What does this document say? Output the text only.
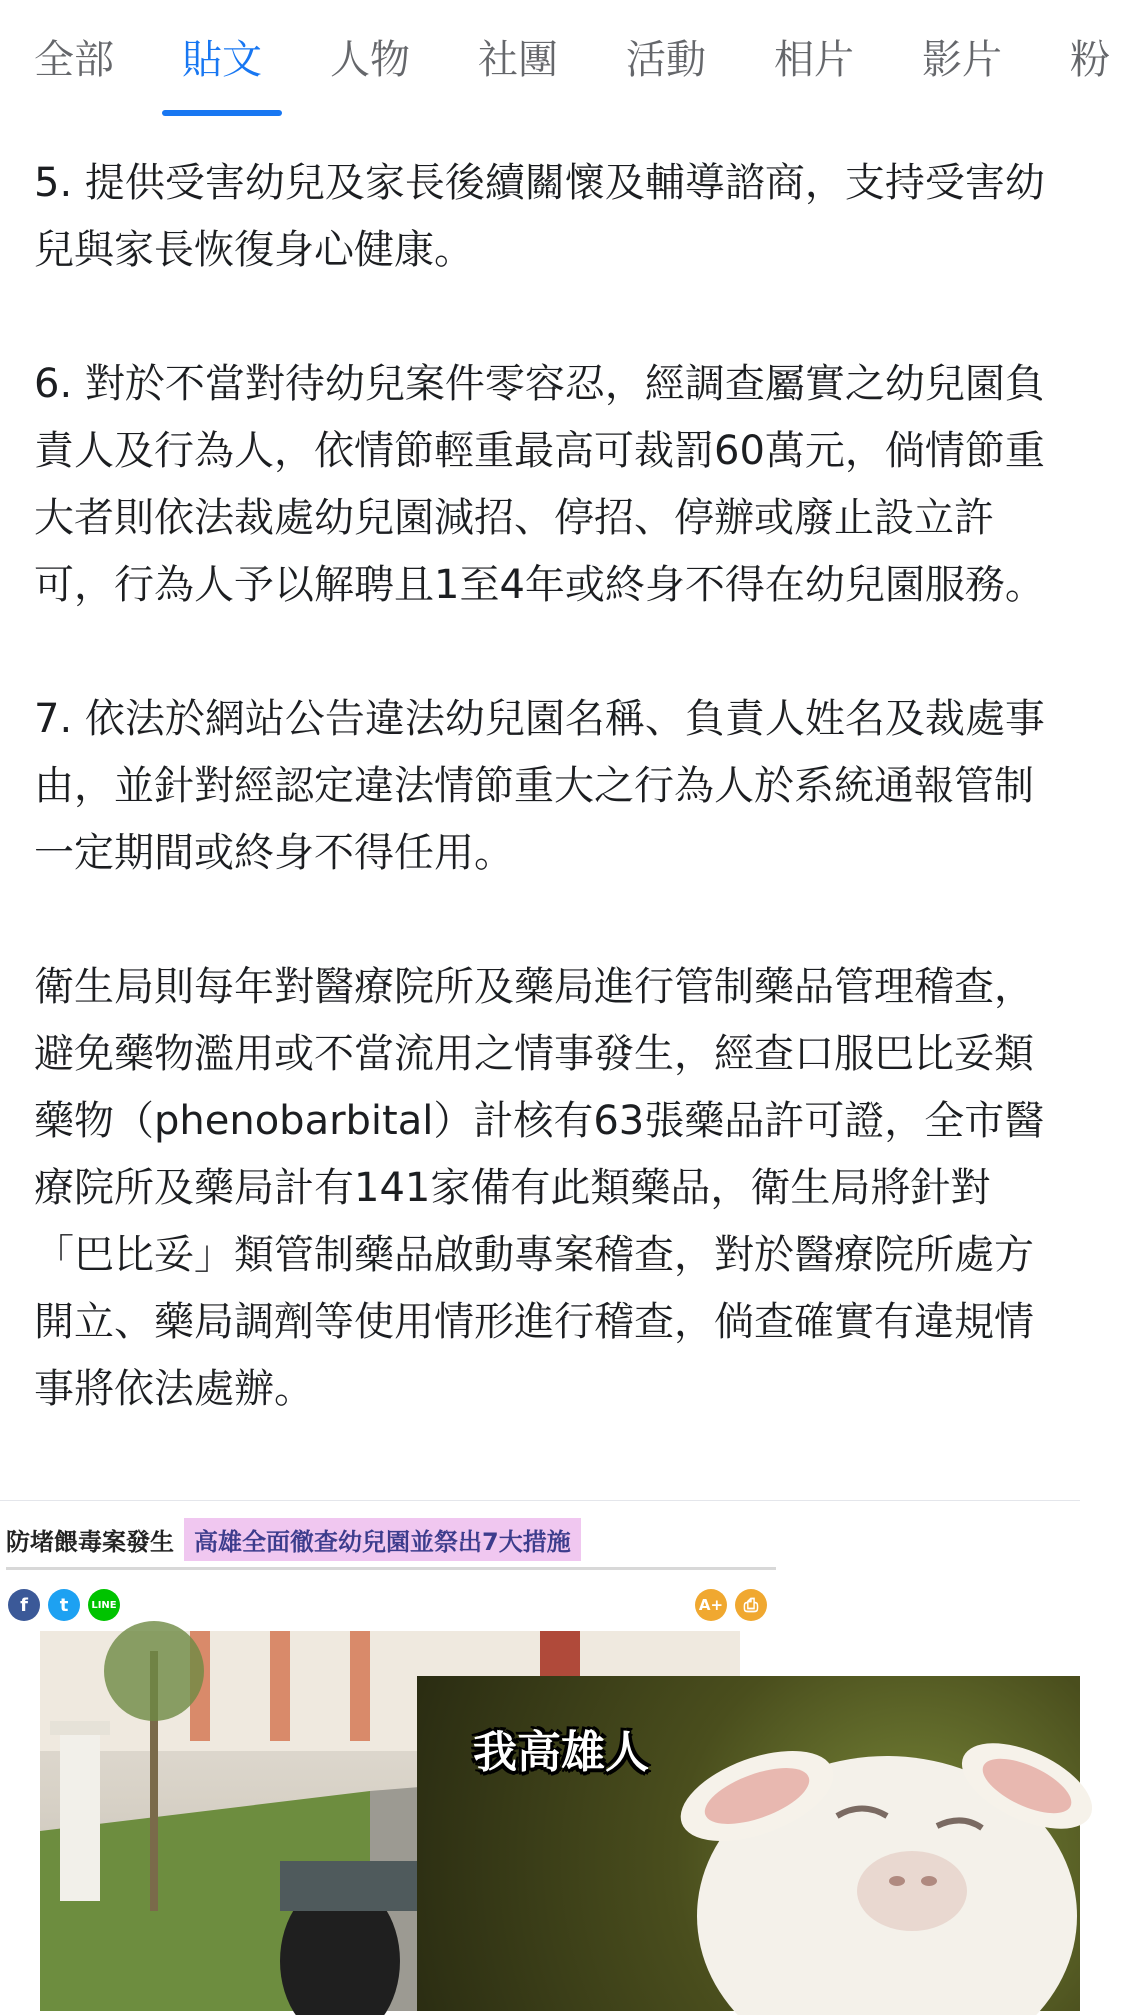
全部	貼文	人物	社團	活動	相片	影片	粉

5. 提供受害幼兒及家長後續關懷及輔導諮商，支持受害幼兒與家長恢復身心健康。

6. 對於不當對待幼兒案件零容忍，經調查屬實之幼兒園負責人及行為人，依情節輕重最高可裁罰60萬元，倘情節重大者則依法裁處幼兒園減招、停招、停辦或廢止設立許可，行為人予以解聘且1至4年或終身不得在幼兒園服務。

7. 依法於網站公告違法幼兒園名稱、負責人姓名及裁處事由，並針對經認定違法情節重大之行為人於系統通報管制一定期間或終身不得任用。

衛生局則每年對醫療院所及藥局進行管制藥品管理稽查，避免藥物濫用或不當流用之情事發生，經查口服巴比妥類藥物（phenobarbital）計核有63張藥品許可證，全市醫療院所及藥局計有141家備有此類藥品，衛生局將針對「巴比妥」類管制藥品啟動專案稽查，對於醫療院所處方開立、藥局調劑等使用情形進行稽查，倘查確實有違規情事將依法處辦。

防堵餵毒案發生 高雄全面徹查幼兒園並祭出7大措施
f	t	LINE	A+	⎙
我高雄人
